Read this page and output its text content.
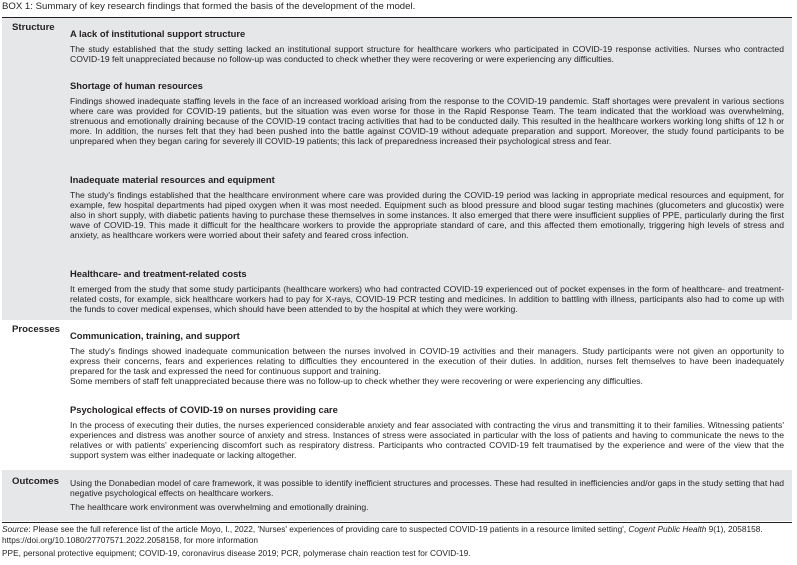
BOX 1: Summary of key research findings that formed the basis of the development of the model.
Structure
A lack of institutional support structure

The study established that the study setting lacked an institutional support structure for healthcare workers who participated in COVID-19 response activities. Nurses who contracted COVID-19 felt unappreciated because no follow-up was conducted to check whether they were recovering or were experiencing any difficulties.

Shortage of human resources

Findings showed inadequate staffing levels in the face of an increased workload arising from the response to the COVID-19 pandemic. Staff shortages were prevalent in various sections where care was provided for COVID-19 patients, but the situation was even worse for those in the Rapid Response Team. The team indicated that the workload was overwhelming, strenuous and emotionally draining because of the COVID-19 contact tracing activities that had to be conducted daily. This resulted in the healthcare workers working long shifts of 12 h or more. In addition, the nurses felt that they had been pushed into the battle against COVID-19 without adequate preparation and support. Moreover, the study found participants to be unprepared when they began caring for severely ill COVID-19 patients; this lack of preparedness increased their psychological stress and fear.

Inadequate material resources and equipment

The study's findings established that the healthcare environment where care was provided during the COVID-19 period was lacking in appropriate medical resources and equipment, for example, few hospital departments had piped oxygen when it was most needed. Equipment such as blood pressure and blood sugar testing machines (glucometers and glucostix) were also in short supply, with diabetic patients having to purchase these themselves in some instances. It also emerged that there were insufficient supplies of PPE, particularly during the first wave of COVID-19. This made it difficult for the healthcare workers to provide the appropriate standard of care, and this affected them emotionally, triggering high levels of stress and anxiety, as healthcare workers were worried about their safety and feared cross infection.

Healthcare- and treatment-related costs

It emerged from the study that some study participants (healthcare workers) who had contracted COVID-19 experienced out of pocket expenses in the form of healthcare- and treatment-related costs, for example, sick healthcare workers had to pay for X-rays, COVID-19 PCR testing and medicines. In addition to battling with illness, participants also had to come up with the funds to cover medical expenses, which should have been attended to by the hospital at which they were working.

Processes
Communication, training, and support

The study's findings showed inadequate communication between the nurses involved in COVID-19 activities and their managers. Study participants were not given an opportunity to express their concerns, fears and experiences relating to difficulties they encountered in the execution of their duties. In addition, nurses felt themselves to have been inadequately prepared for the task and expressed the need for continuous support and training.

Some members of staff felt unappreciated because there was no follow-up to check whether they were recovering or were experiencing any difficulties.

Psychological effects of COVID-19 on nurses providing care

In the process of executing their duties, the nurses experienced considerable anxiety and fear associated with contracting the virus and transmitting it to their families. Witnessing patients' experiences and distress was another source of anxiety and stress. Instances of stress were associated in particular with the loss of patients and having to communicate the news to the relatives or with patients' experiencing discomfort such as respiratory distress. Participants who contracted COVID-19 felt traumatised by the experience and were of the view that the support system was either inadequate or lacking altogether.

Outcomes Using the Donabedian model of care framework, it was possible to identify inefficient structures and processes. These had resulted in inefficiencies and/or gaps in the study setting that had negative psychological effects on healthcare workers.

The healthcare work environment was overwhelming and emotionally draining.

Source: Please see the full reference list of the article Moyo, I., 2022, 'Nurses' experiences of providing care to suspected COVID-19 patients in a resource limited setting', Cogent Public Health 9(1), 2058158. https://doi.org/10.1080/27707571.2022.2058158, for more information
PPE, personal protective equipment; COVID-19, coronavirus disease 2019; PCR, polymerase chain reaction test for COVID-19.
